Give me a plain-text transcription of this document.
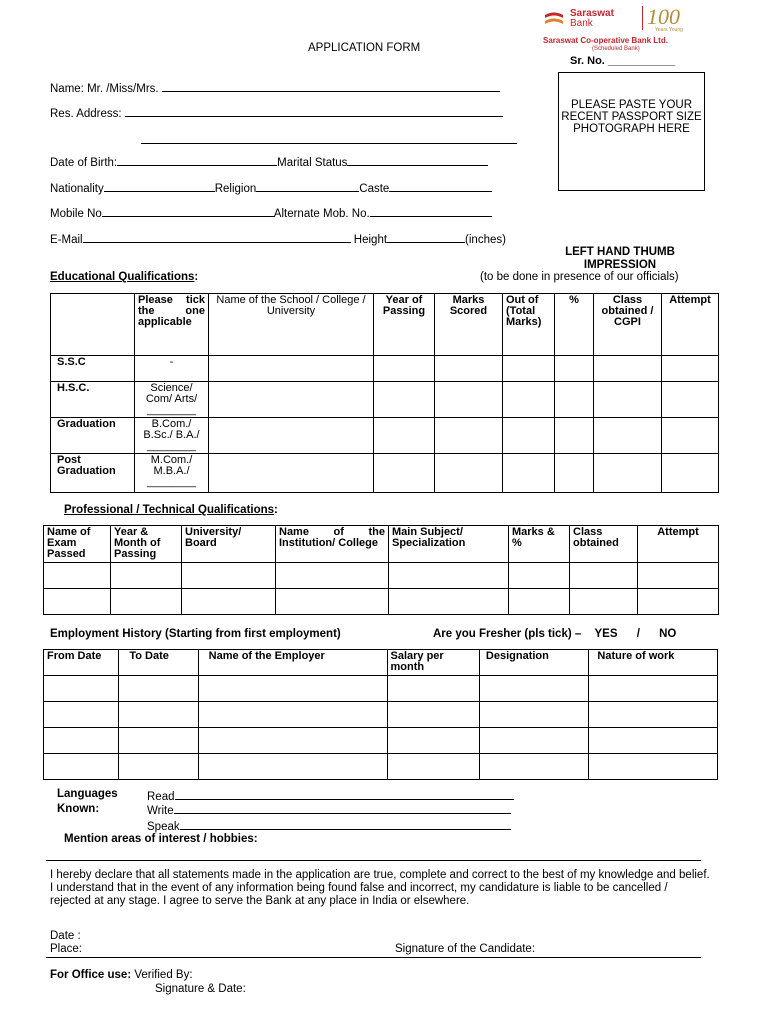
Saraswat
Bank 100
Years Young
Saraswat Co-operative Bank Ltd.
(Scheduled Bank)
APPLICATION FORM
Sr. No. ___________
PLEASE PASTE YOUR RECENT PASSPORT SIZE PHOTOGRAPH HERE
Name: Mr. /Miss/Mrs.
Res. Address:
Date of Birth:	Marital Status
Nationality	Religion	Caste
Mobile No	Alternate Mob. No.
E-Mail	Height	(inches)
LEFT HAND THUMB IMPRESSION
(to be done in presence of our officials)
Educational Qualifications:
	Please tick the one applicable	Name of the School / College / University	Year of Passing	Marks Scored	Out of (Total Marks)	%	Class obtained / CGPI	Attempt
S.S.C	-							
H.S.C.	Science/ Com/ Arts/ ________							
Graduation	B.Com./ B.Sc./ B.A./ ________							
Post Graduation	M.Com./ M.B.A./ ________							
Professional / Technical Qualifications:
Name of Exam Passed	Year & Month of Passing	University/ Board	Name of the Institution/ College	Main Subject/ Specialization	Marks & %	Class obtained	Attempt

Employment History (Starting from first employment)	Are you Fresher (pls tick) – YES / NO
From Date	To Date	Name of the Employer	Salary per month	Designation	Nature of work

Languages
Known:
Read
Write
Speak
Mention areas of interest / hobbies:
I hereby declare that all statements made in the application are true, complete and correct to the best of my knowledge and belief. I understand that in the event of any information being found false and incorrect, my candidature is liable to be cancelled / rejected at any stage. I agree to serve the Bank at any place in India or elsewhere.
Date :
Place:	Signature of the Candidate:
For Office use: Verified By:
Signature & Date:
